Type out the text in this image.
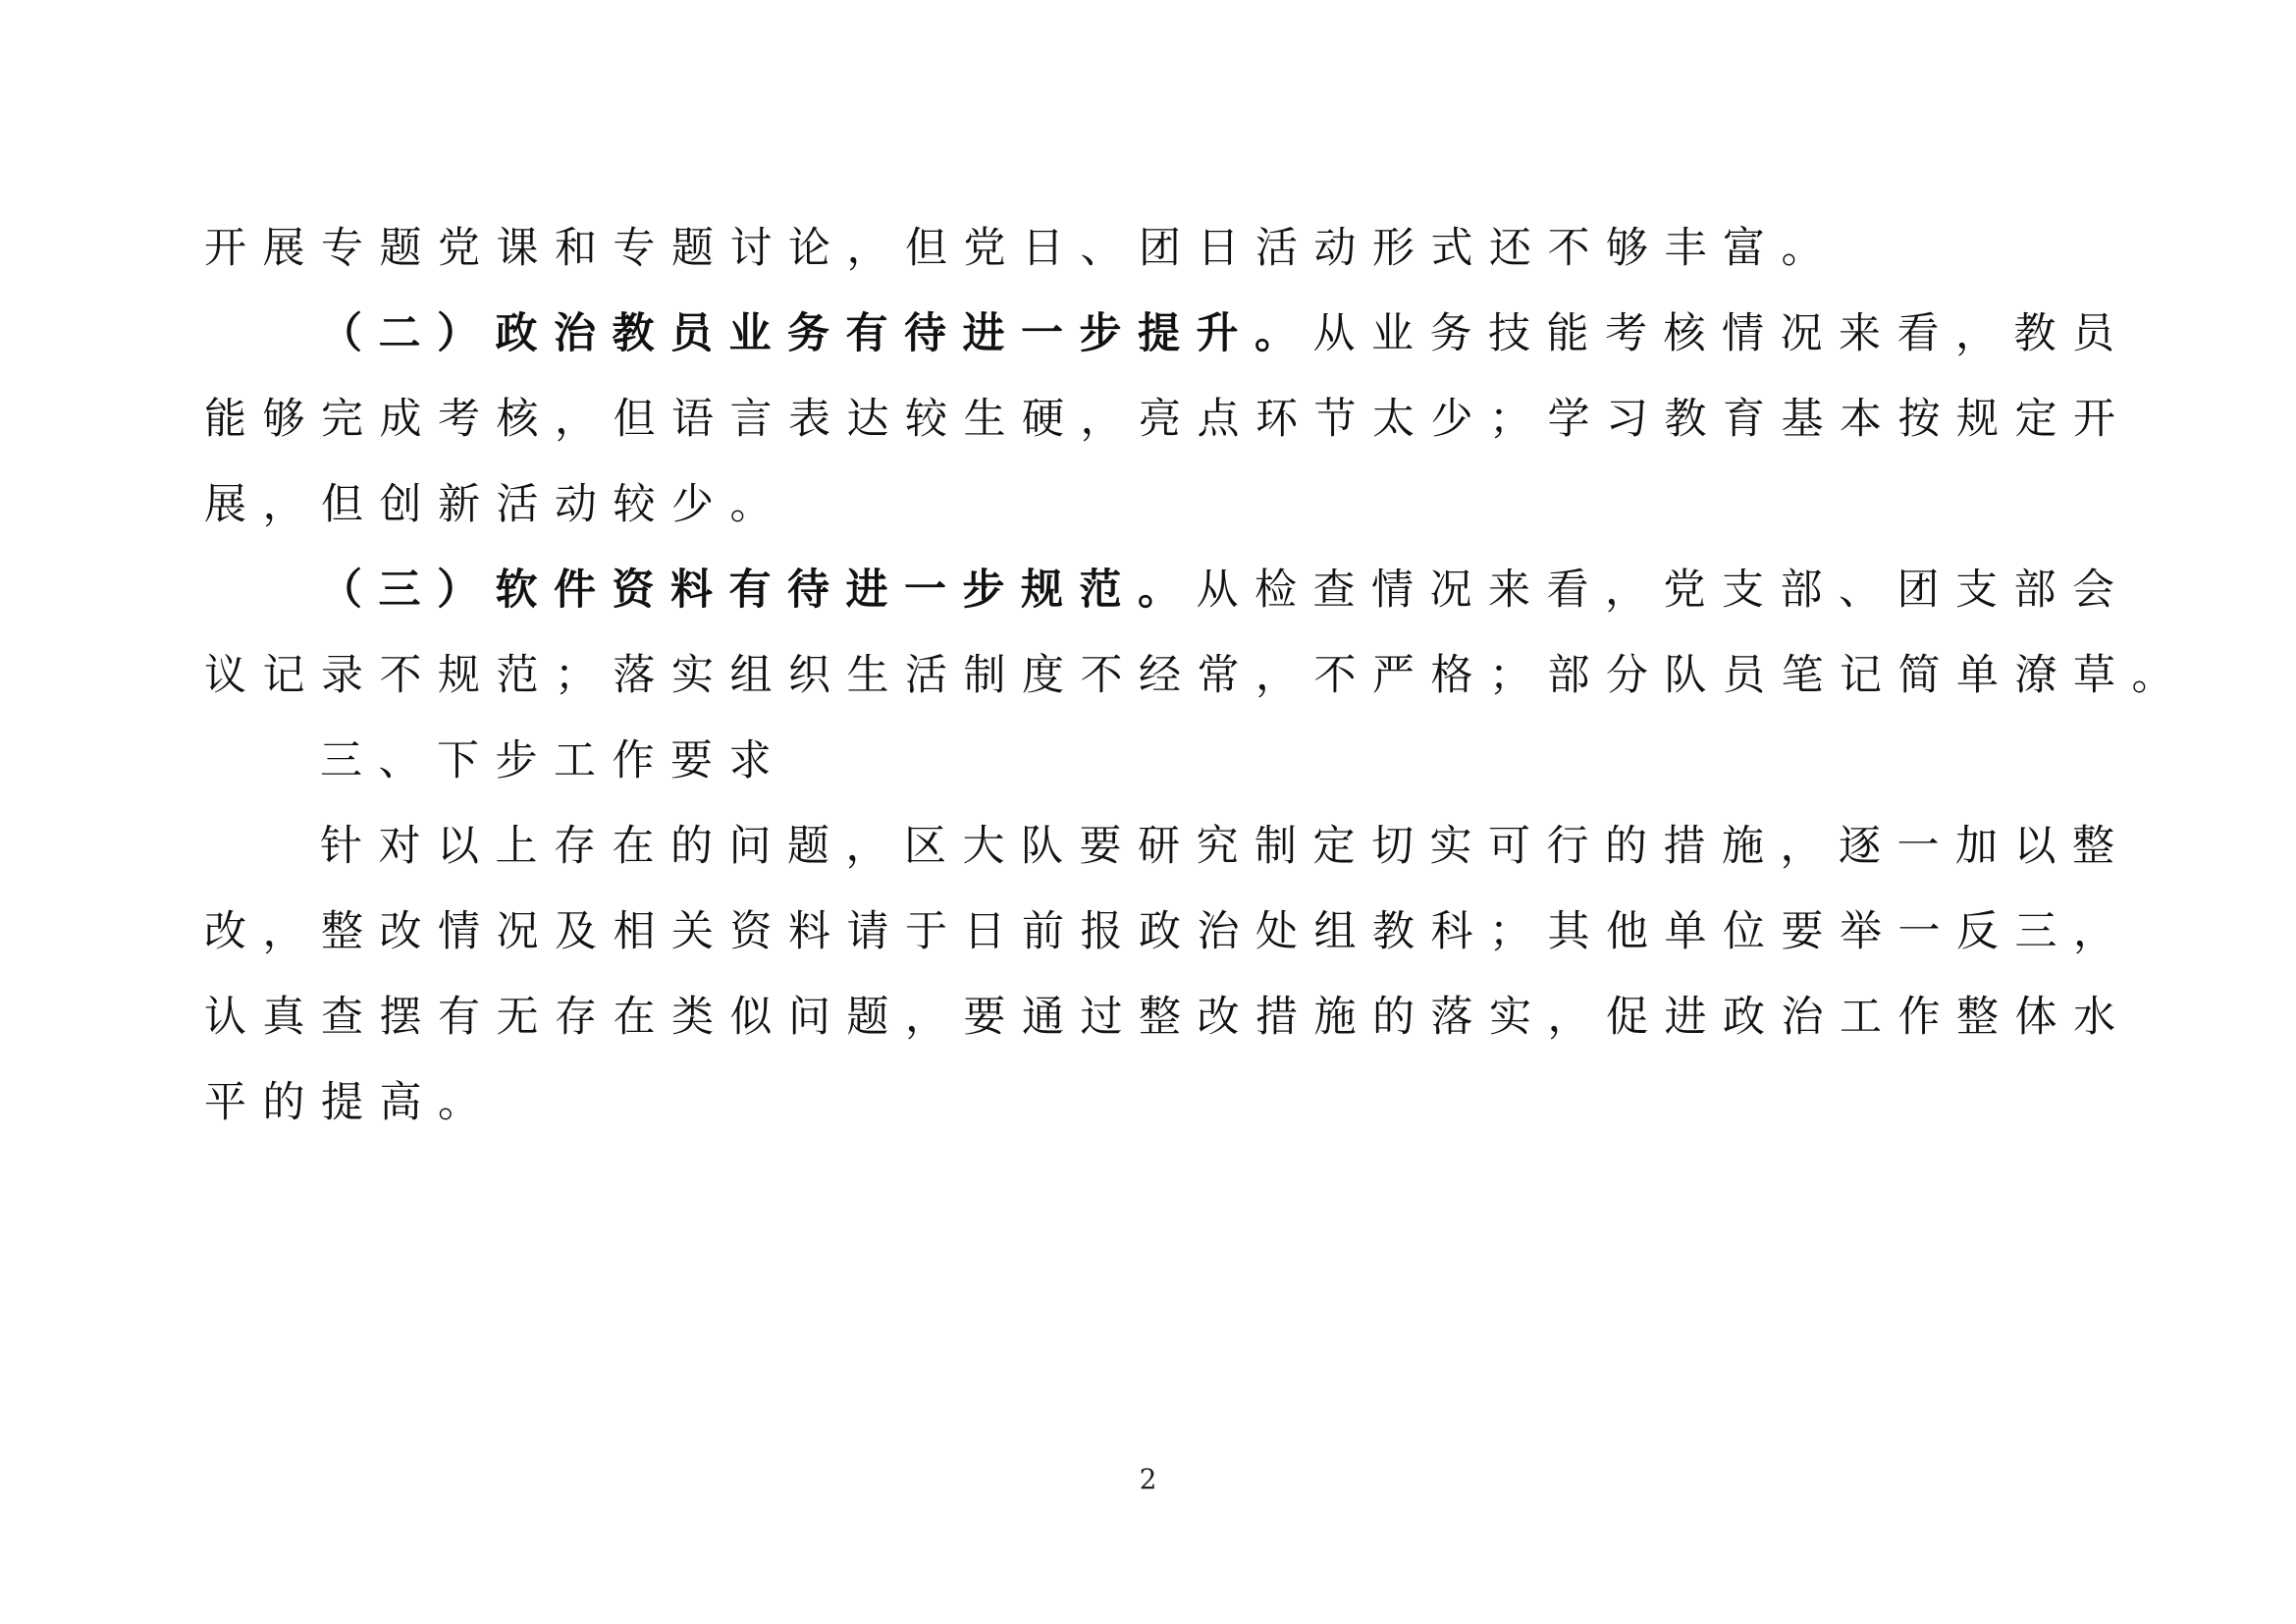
开展专题党课和专题讨论，但党日、团日活动形式还不够丰富。
（二）政治教员业务有待进一步提升。从业务技能考核情况来看，教员
能够完成考核，但语言表达较生硬，亮点环节太少；学习教育基本按规定开
展，但创新活动较少。
（三）软件资料有待进一步规范。从检查情况来看，党支部、团支部会
议记录不规范；落实组织生活制度不经常，不严格；部分队员笔记简单潦草。
三、下步工作要求
针对以上存在的问题，区大队要研究制定切实可行的措施，逐一加以整
改，整改情况及相关资料请于日前报政治处组教科；其他单位要举一反三，
认真查摆有无存在类似问题，要通过整改措施的落实，促进政治工作整体水
平的提高。
2
